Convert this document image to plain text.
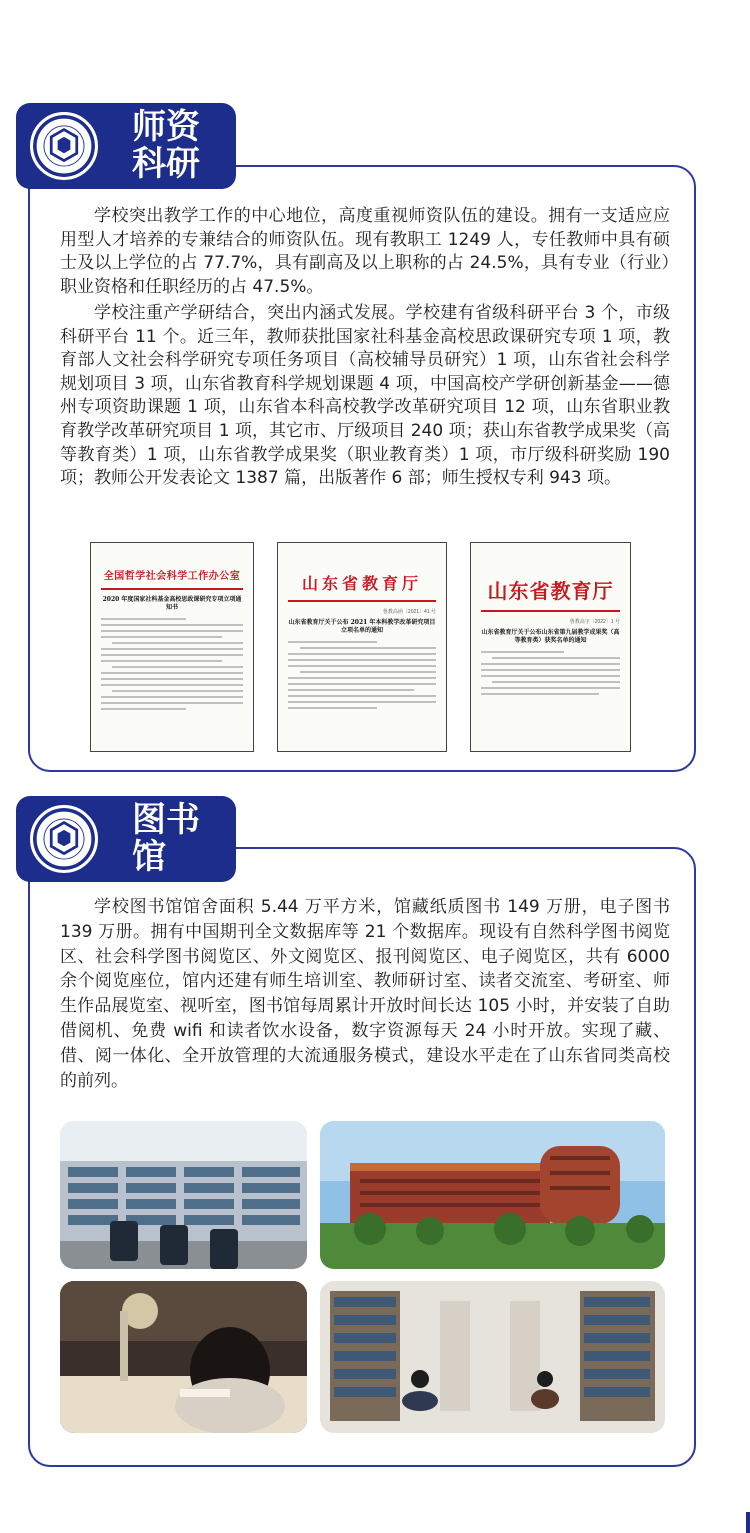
师资科研

学校突出教学工作的中心地位，高度重视师资队伍的建设。拥有一支适应应用型人才培养的专兼结合的师资队伍。现有教职工 1249 人，专任教师中具有硕士及以上学位的占 77.7%，具有副高及以上职称的占 24.5%，具有专业（行业）职业资格和任职经历的占 47.5%。

学校注重产学研结合，突出内涵式发展。学校建有省级科研平台 3 个，市级科研平台 11 个。近三年，教师获批国家社科基金高校思政课研究专项 1 项，教育部人文社会科学研究专项任务项目（高校辅导员研究）1 项，山东省社会科学规划项目 3 项，山东省教育科学规划课题 4 项，中国高校产学研创新基金——德州专项资助课题 1 项，山东省本科高校教学改革研究项目 12 项，山东省职业教育教学改革研究项目 1 项，其它市、厅级项目 240 项；获山东省教学成果奖（高等教育类）1 项，山东省教学成果奖（职业教育类）1 项，市厅级科研奖励 190 项；教师公开发表论文 1387 篇，出版著作 6 部；师生授权专利 943 项。

全国哲学社会科学工作办公室
2020 年度国家社科基金高校思政课研究专项立项通知书
山东省教育厅
鲁教高函〔2021〕41 号
山东省教育厅关于公布 2021 年本科教学改革研究项目立项名单的通知
山东省教育厅
鲁教高字〔2022〕1 号
山东省教育厅关于公布山东省第九届教学成果奖（高等教育类）获奖名单的通知
图书馆

学校图书馆馆舍面积 5.44 万平方米，馆藏纸质图书 149 万册，电子图书 139 万册。拥有中国期刊全文数据库等 21 个数据库。现设有自然科学图书阅览区、社会科学图书阅览区、外文阅览区、报刊阅览区、电子阅览区，共有 6000 余个阅览座位，馆内还建有师生培训室、教师研讨室、读者交流室、考研室、师生作品展览室、视听室，图书馆每周累计开放时间长达 105 小时，并安装了自助借阅机、免费 wifi 和读者饮水设备，数字资源每天 24 小时开放。实现了藏、借、阅一体化、全开放管理的大流通服务模式，建设水平走在了山东省同类高校的前列。
